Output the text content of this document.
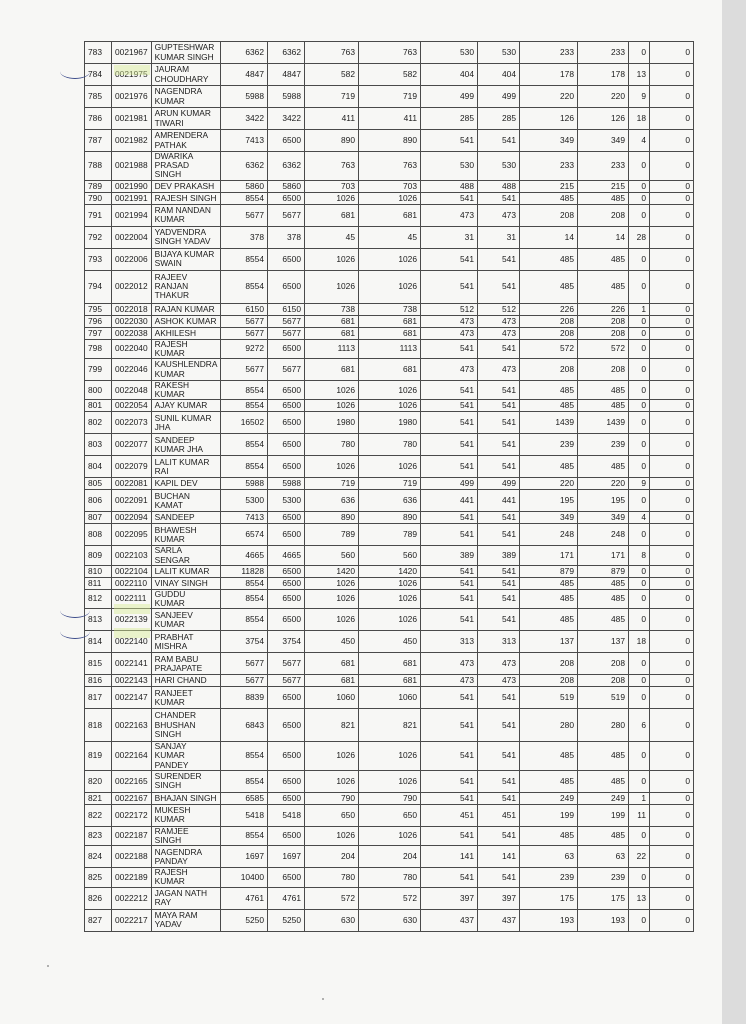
783	0021967	GUPTESHWAR KUMAR SINGH	6362	6362	763	763	530	530	233	233	0	0
784	0021975	JAURAM CHOUDHARY	4847	4847	582	582	404	404	178	178	13	0
785	0021976	NAGENDRA KUMAR	5988	5988	719	719	499	499	220	220	9	0
786	0021981	ARUN KUMAR TIWARI	3422	3422	411	411	285	285	126	126	18	0
787	0021982	AMRENDERA PATHAK	7413	6500	890	890	541	541	349	349	4	0
788	0021988	DWARIKA PRASAD SINGH	6362	6362	763	763	530	530	233	233	0	0
789	0021990	DEV PRAKASH	5860	5860	703	703	488	488	215	215	0	0
790	0021991	RAJESH SINGH	8554	6500	1026	1026	541	541	485	485	0	0
791	0021994	RAM NANDAN KUMAR	5677	5677	681	681	473	473	208	208	0	0
792	0022004	YADVENDRA SINGH YADAV	378	378	45	45	31	31	14	14	28	0
793	0022006	BIJAYA KUMAR SWAIN	8554	6500	1026	1026	541	541	485	485	0	0
794	0022012	RAJEEV RANJAN THAKUR	8554	6500	1026	1026	541	541	485	485	0	0
795	0022018	RAJAN KUMAR	6150	6150	738	738	512	512	226	226	1	0
796	0022030	ASHOK KUMAR	5677	5677	681	681	473	473	208	208	0	0
797	0022038	AKHILESH	5677	5677	681	681	473	473	208	208	0	0
798	0022040	RAJESH KUMAR	9272	6500	1113	1113	541	541	572	572	0	0
799	0022046	KAUSHLENDRA KUMAR	5677	5677	681	681	473	473	208	208	0	0
800	0022048	RAKESH KUMAR	8554	6500	1026	1026	541	541	485	485	0	0
801	0022054	AJAY KUMAR	8554	6500	1026	1026	541	541	485	485	0	0
802	0022073	SUNIL KUMAR JHA	16502	6500	1980	1980	541	541	1439	1439	0	0
803	0022077	SANDEEP KUMAR JHA	8554	6500	780	780	541	541	239	239	0	0
804	0022079	LALIT KUMAR RAI	8554	6500	1026	1026	541	541	485	485	0	0
805	0022081	KAPIL DEV	5988	5988	719	719	499	499	220	220	9	0
806	0022091	BUCHAN KAMAT	5300	5300	636	636	441	441	195	195	0	0
807	0022094	SANDEEP	7413	6500	890	890	541	541	349	349	4	0
808	0022095	BHAWESH KUMAR	6574	6500	789	789	541	541	248	248	0	0
809	0022103	SARLA SENGAR	4665	4665	560	560	389	389	171	171	8	0
810	0022104	LALIT KUMAR	11828	6500	1420	1420	541	541	879	879	0	0
811	0022110	VINAY SINGH	8554	6500	1026	1026	541	541	485	485	0	0
812	0022111	GUDDU KUMAR	8554	6500	1026	1026	541	541	485	485	0	0
813	0022139	SANJEEV KUMAR	8554	6500	1026	1026	541	541	485	485	0	0
814	0022140	PRABHAT MISHRA	3754	3754	450	450	313	313	137	137	18	0
815	0022141	RAM BABU PRAJAPATE	5677	5677	681	681	473	473	208	208	0	0
816	0022143	HARI CHAND	5677	5677	681	681	473	473	208	208	0	0
817	0022147	RANJEET KUMAR	8839	6500	1060	1060	541	541	519	519	0	0
818	0022163	CHANDER BHUSHAN SINGH	6843	6500	821	821	541	541	280	280	6	0
819	0022164	SANJAY KUMAR PANDEY	8554	6500	1026	1026	541	541	485	485	0	0
820	0022165	SURENDER SINGH	8554	6500	1026	1026	541	541	485	485	0	0
821	0022167	BHAJAN SINGH	6585	6500	790	790	541	541	249	249	1	0
822	0022172	MUKESH KUMAR	5418	5418	650	650	451	451	199	199	11	0
823	0022187	RAMJEE SINGH	8554	6500	1026	1026	541	541	485	485	0	0
824	0022188	NAGENDRA PANDAY	1697	1697	204	204	141	141	63	63	22	0
825	0022189	RAJESH KUMAR	10400	6500	780	780	541	541	239	239	0	0
826	0022212	JAGAN NATH RAY	4761	4761	572	572	397	397	175	175	13	0
827	0022217	MAYA RAM YADAV	5250	5250	630	630	437	437	193	193	0	0
